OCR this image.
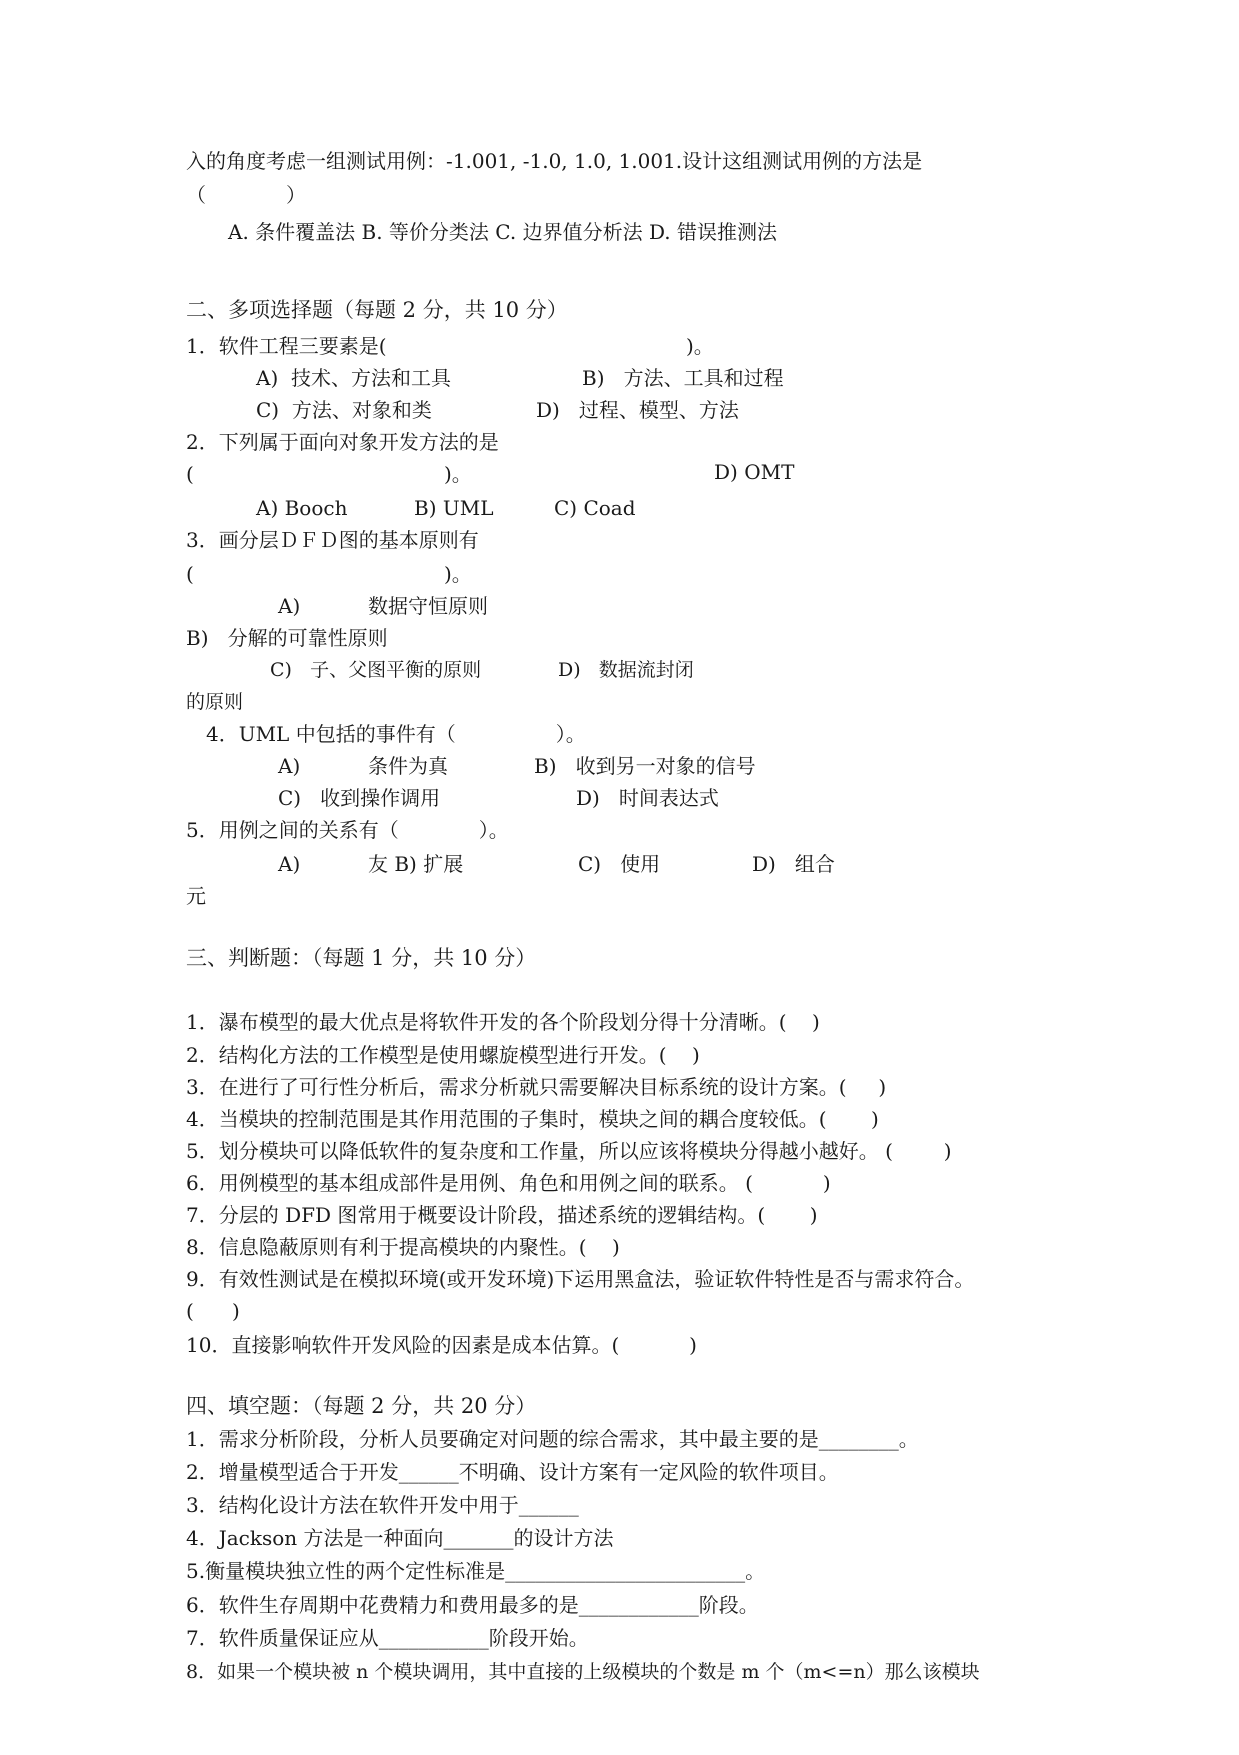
入的角度考虑一组测试用例：-1.001, -1.0, 1.0, 1.001.设计这组测试用例的方法是
（　　　　）
A. 条件覆盖法 B. 等价分类法 C. 边界值分析法 D. 错误推测法
二、多项选择题（每题 2 分，共 10 分）
1．软件工程三要素是(	)。
A)  技术、方法和工具	B)   方法、工具和过程
C)  方法、对象和类	D)   过程、模型、方法
2．下列属于面向对象开发方法的是
(	)。	D) OMT
A) Booch	B) UML	C) Coad
3．画分层ＤＦＤ图的基本原则有
(	)。
A)	数据守恒原则
B)   分解的可靠性原则
C)   子、父图平衡的原则	D)   数据流封闭
的原则
4．UML 中包括的事件有（　　　　　）。
A)	条件为真	B)   收到另一对象的信号
C)   收到操作调用	D)   时间表达式
5．用例之间的关系有（　　　　）。
A)	友 B) 扩展	C)   使用	D)   组合
元
三、判断题：（每题 1 分，共 10 分）
1．瀑布模型的最大优点是将软件开发的各个阶段划分得十分清晰。(    )
2．结构化方法的工作模型是使用螺旋模型进行开发。(    )
3．在进行了可行性分析后，需求分析就只需要解决目标系统的设计方案。(     )
4．当模块的控制范围是其作用范围的子集时，模块之间的耦合度较低。(       )
5．划分模块可以降低软件的复杂度和工作量，所以应该将模块分得越小越好。 (        )
6．用例模型的基本组成部件是用例、角色和用例之间的联系。 (           )
7．分层的 DFD 图常用于概要设计阶段，描述系统的逻辑结构。(       )
8．信息隐蔽原则有利于提高模块的内聚性。(    )
9．有效性测试是在模拟环境(或开发环境)下运用黑盒法，验证软件特性是否与需求符合。
(      )
10．直接影响软件开发风险的因素是成本估算。(           )
四、填空题：（每题 2 分，共 20 分）
1．需求分析阶段，分析人员要确定对问题的综合需求，其中最主要的是________。
2．增量模型适合于开发______不明确、设计方案有一定风险的软件项目。
3．结构化设计方法在软件开发中用于______
4．Jackson 方法是一种面向_______的设计方法
5.衡量模块独立性的两个定性标准是________________________。
6．软件生存周期中花费精力和费用最多的是____________阶段。
7．软件质量保证应从___________阶段开始。
8．如果一个模块被 n 个模块调用，其中直接的上级模块的个数是 m 个（m<=n）那么该模块
